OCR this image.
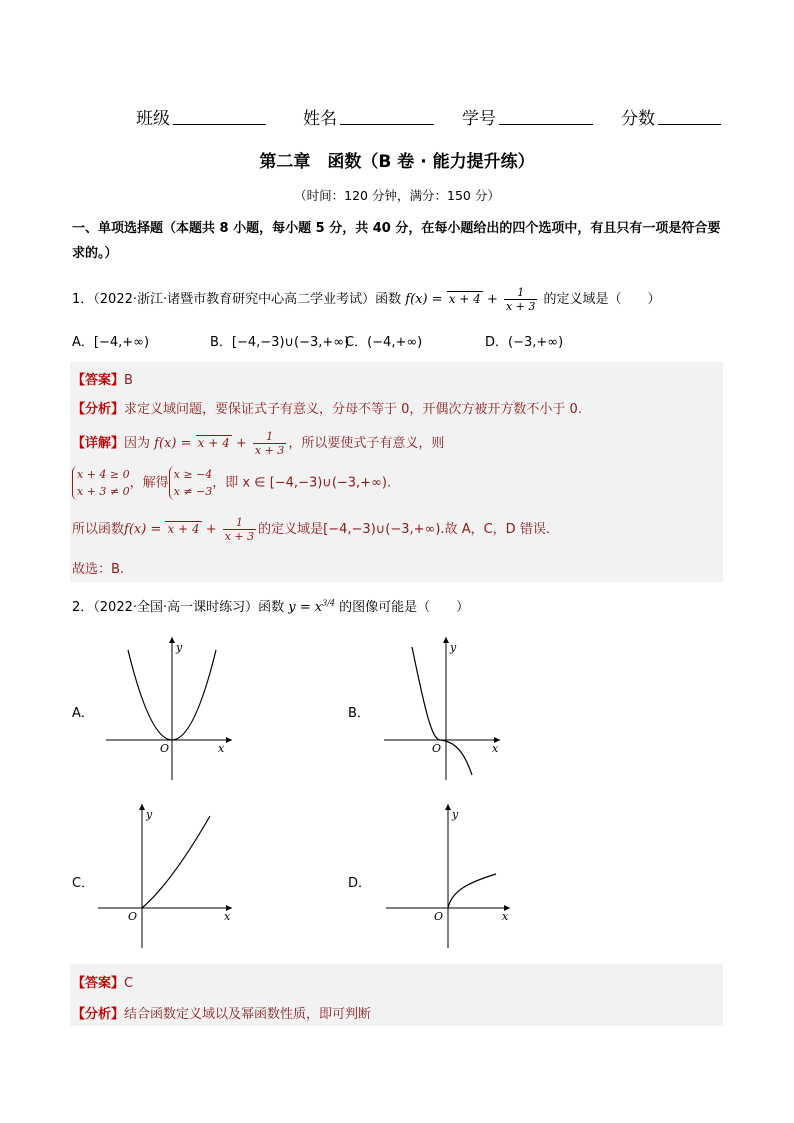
班级	姓名	学号	分数
第二章　函数（B 卷 · 能力提升练）
（时间：120 分钟，满分：150 分）
一、单项选择题（本题共 8 小题，每小题 5 分，共 40 分，在每小题给出的四个选项中，有且只有一项是符合要求的。）
1．（2022·浙江·诸暨市教育研究中心高二学业考试）函数 $f(x) = x + 4 + \frac{1}{x + 3}$ 的定义域是（　　）
A．[−4,+∞)	B．[−4,−3)∪(−3,+∞)
C．(−4,+∞)	D．(−3,+∞)
【答案】B
【分析】求定义域问题，要保证式子有意义，分母不等于 0，开偶次方被开方数不小于 0.
【详解】因为 $f(x) = x + 4 + \frac{1}{x + 3}$ ，所以要使式子有意义，则
x + 4 ≥ 0
x + 3 ≠ 0
，解得
x ≥ −4
x ≠ −3
，即 x ∈ [−4,−3)∪(−3,+∞).
所以函数$f(x) = x + 4 + \frac{1}{x + 3}$ 的定义域是[−4,−3)∪(−3,+∞).故 A，C，D 错误.
故选：B.
2．（2022·全国·高一课时练习）函数 $y = x^{3/4}$ 的图像可能是（　　）
A．	B．
C．	D．
y
x
O
y
x
O
y
x
O
y
x
O
【答案】C
【分析】结合函数定义域以及幂函数性质，即可判断
